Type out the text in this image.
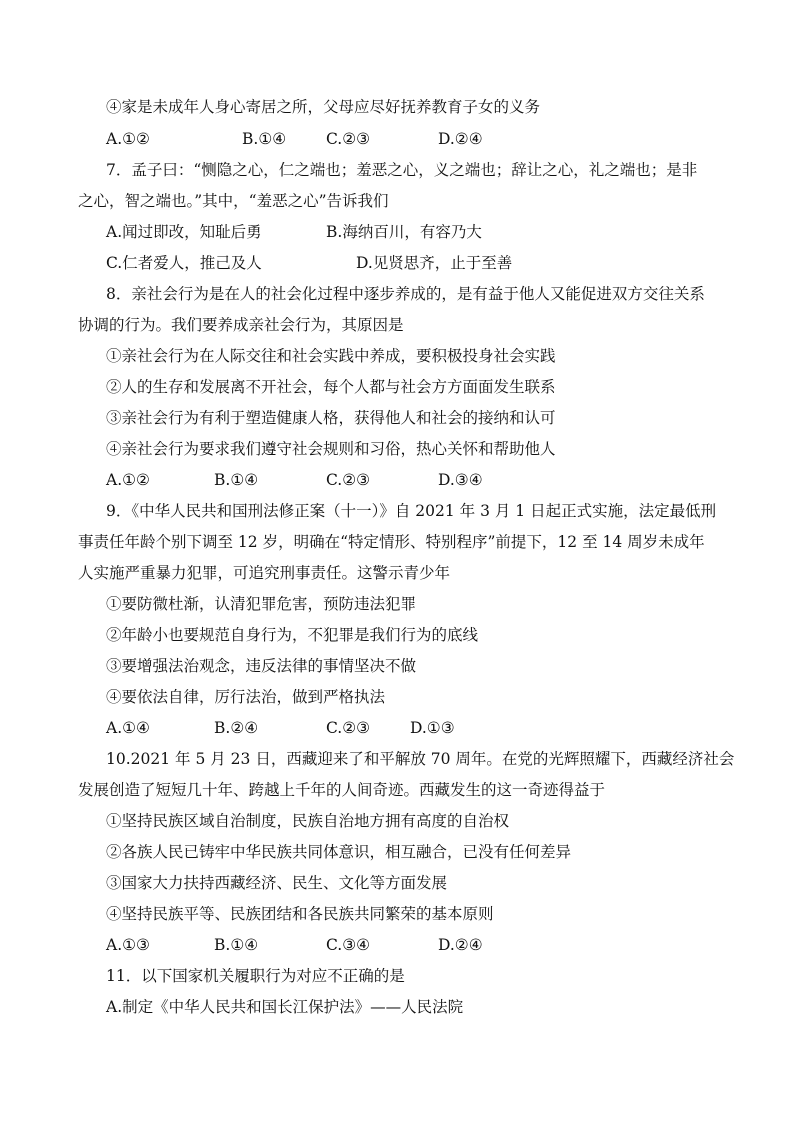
④家是未成年人身心寄居之所，父母应尽好抚养教育子女的义务
A.①②	B.①④	C.②③	D.②④
7．孟子曰：“恻隐之心，仁之端也；羞恶之心，义之端也；辞让之心，礼之端也；是非
之心，智之端也。”其中，“羞恶之心”告诉我们
A.闻过即改，知耻后勇	B.海纳百川，有容乃大
C.仁者爱人，推己及人	D.见贤思齐，止于至善
8．亲社会行为是在人的社会化过程中逐步养成的，是有益于他人又能促进双方交往关系
协调的行为。我们要养成亲社会行为，其原因是
①亲社会行为在人际交往和社会实践中养成，要积极投身社会实践
②人的生存和发展离不开社会，每个人都与社会方方面面发生联系
③亲社会行为有利于塑造健康人格，获得他人和社会的接纳和认可
④亲社会行为要求我们遵守社会规则和习俗，热心关怀和帮助他人
A.①②	B.①④	C.②③	D.③④
9．《中华人民共和国刑法修正案（十一）》自 2021 年 3 月 1 日起正式实施，法定最低刑
事责任年龄个别下调至 12 岁，明确在“特定情形、特别程序”前提下，12 至 14 周岁未成年
人实施严重暴力犯罪，可追究刑事责任。这警示青少年
①要防微杜渐，认清犯罪危害，预防违法犯罪
②年龄小也要规范自身行为，不犯罪是我们行为的底线
③要增强法治观念，违反法律的事情坚决不做
④要依法自律，厉行法治，做到严格执法
A.①④	B.②④	C.②③	D.①③
10.2021 年 5 月 23 日，西藏迎来了和平解放 70 周年。在党的光辉照耀下，西藏经济社会
发展创造了短短几十年、跨越上千年的人间奇迹。西藏发生的这一奇迹得益于
①坚持民族区域自治制度，民族自治地方拥有高度的自治权
②各族人民已铸牢中华民族共同体意识，相互融合，已没有任何差异
③国家大力扶持西藏经济、民生、文化等方面发展
④坚持民族平等、民族团结和各民族共同繁荣的基本原则
A.①③	B.①④	C.③④	D.②④
11．以下国家机关履职行为对应不正确的是
A.制定《中华人民共和国长江保护法》——人民法院
